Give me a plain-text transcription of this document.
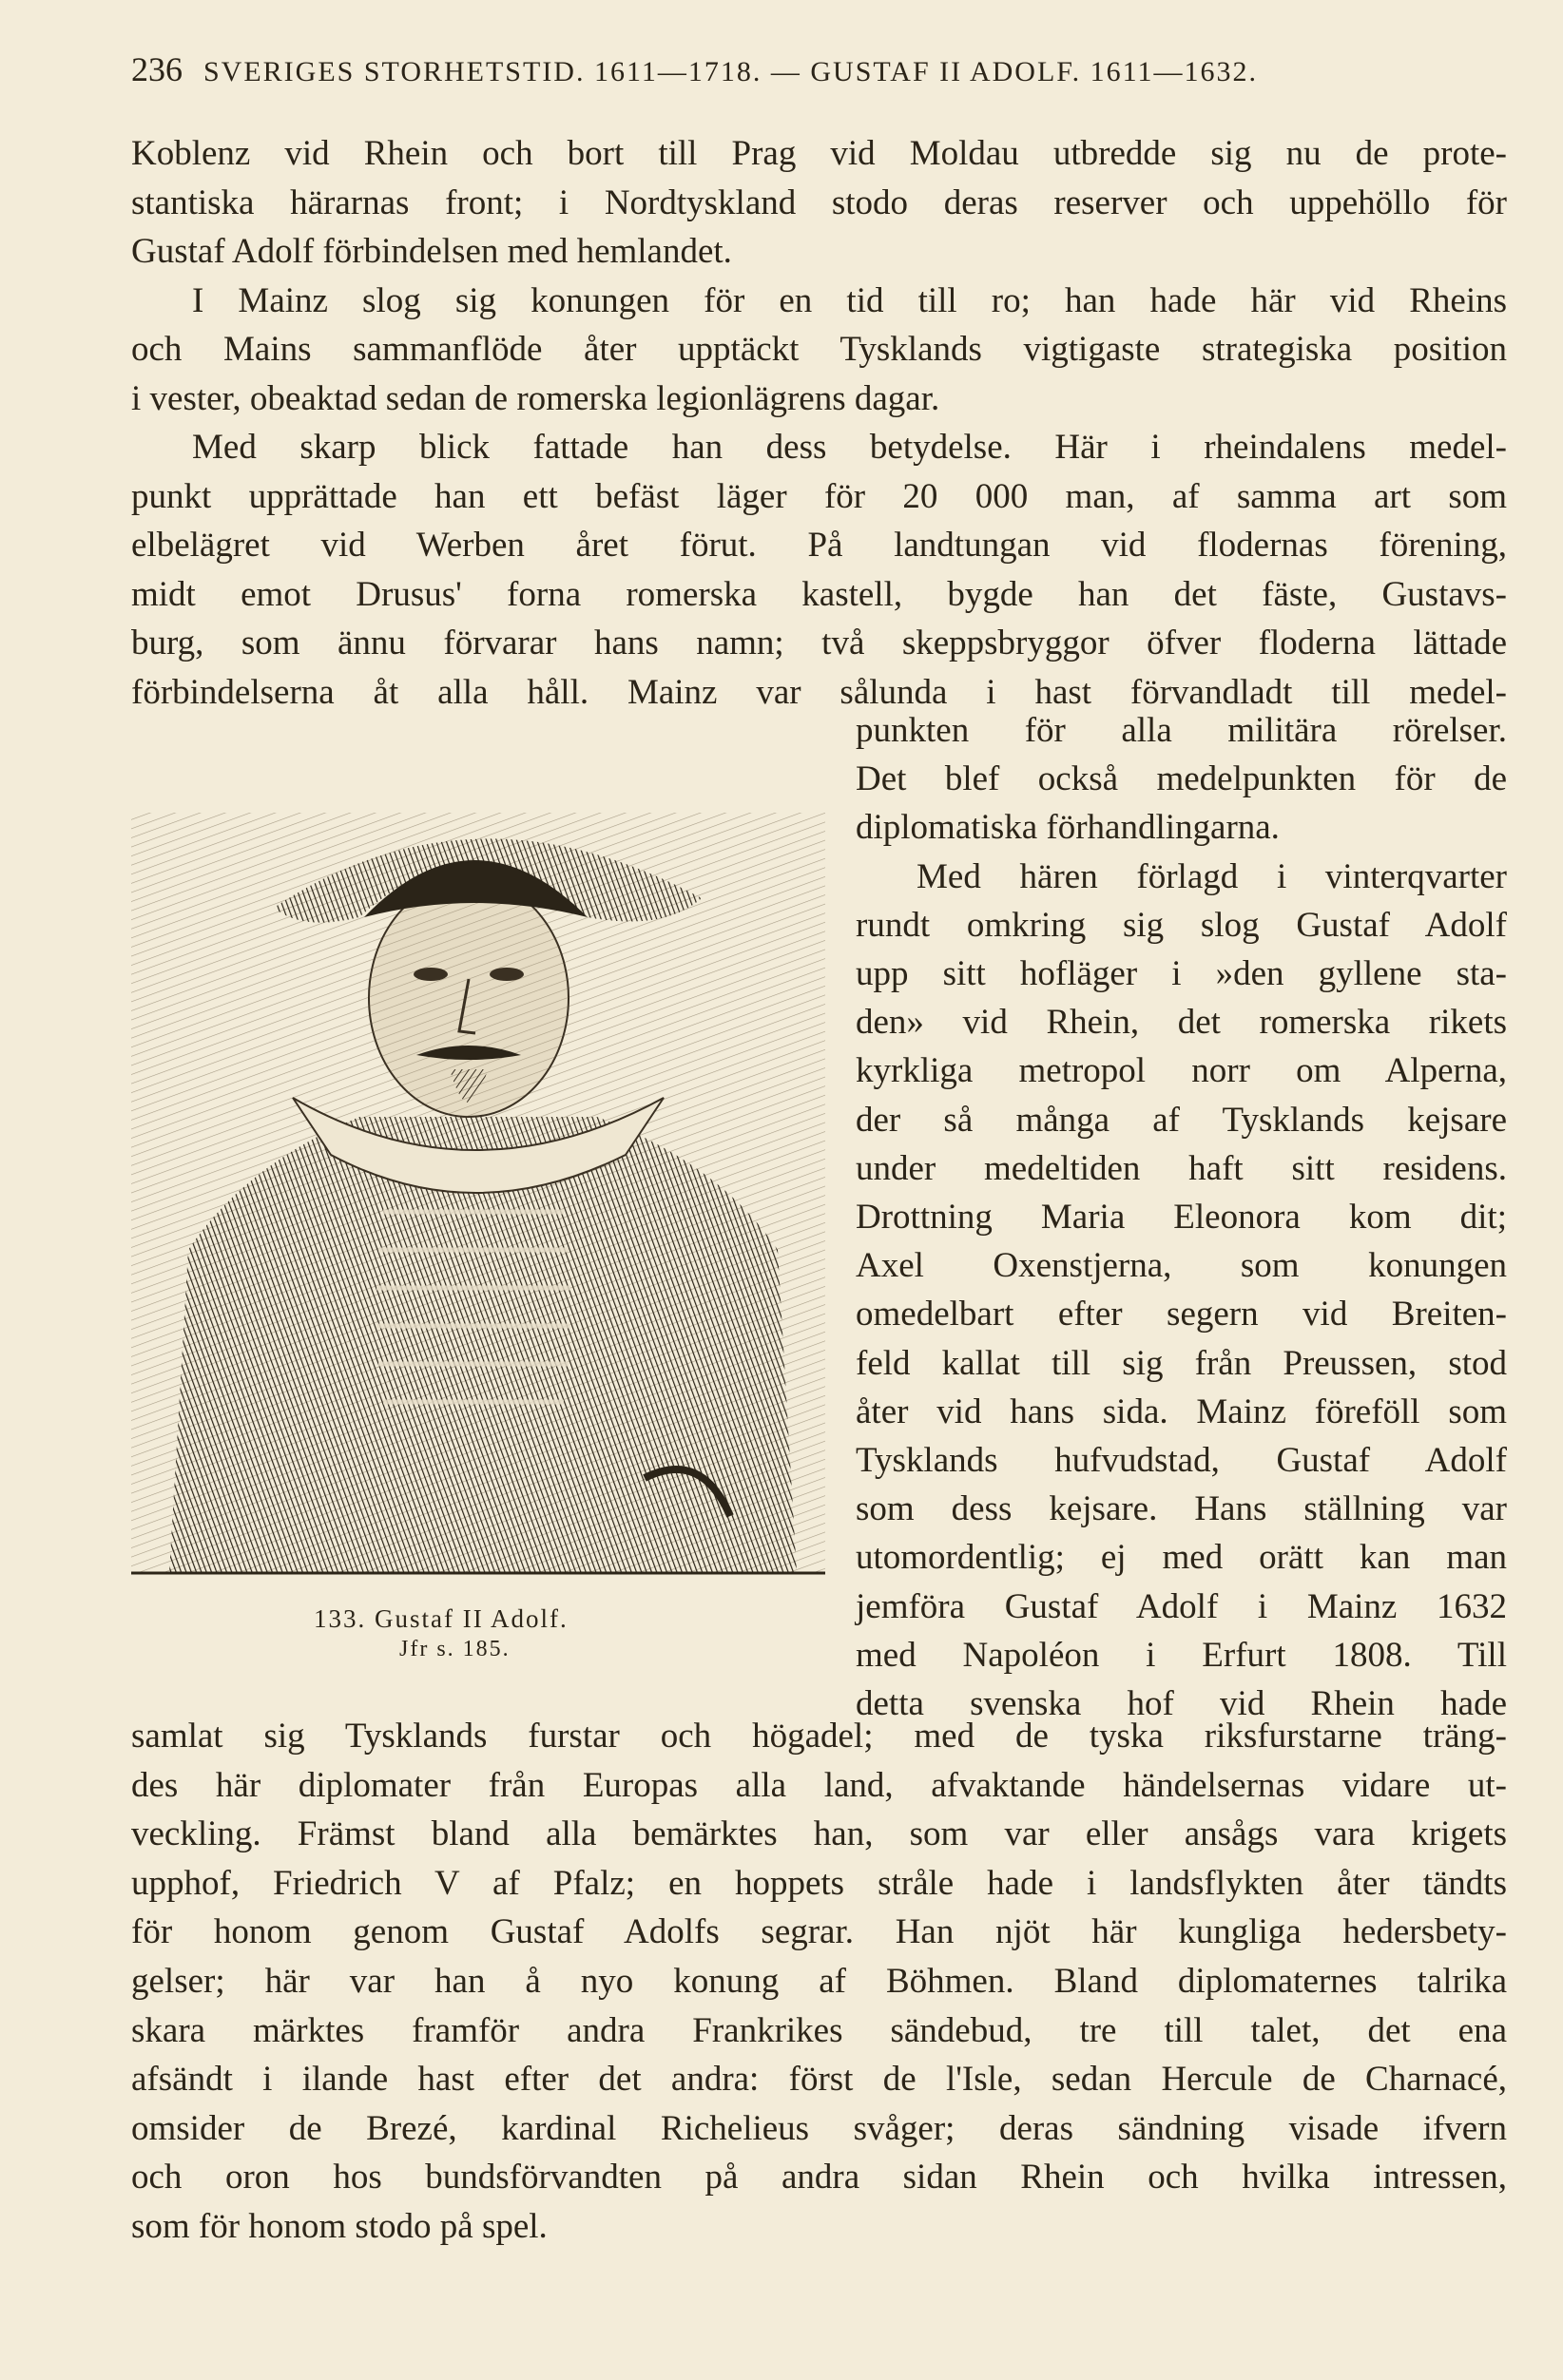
236 SVERIGES STORHETSTID. 1611—1718. — GUSTAF II ADOLF. 1611—1632.
Koblenz vid Rhein och bort till Prag vid Moldau utbredde sig nu de prote-
stantiska härarnas front; i Nordtyskland stodo deras reserver och uppehöllo för
Gustaf Adolf förbindelsen med hemlandet.
I Mainz slog sig konungen för en tid till ro; han hade här vid Rheins
och Mains sammanflöde åter upptäckt Tysklands vigtigaste strategiska position
i vester, obeaktad sedan de romerska legionlägrens dagar.
Med skarp blick fattade han dess betydelse. Här i rheindalens medel-
punkt upprättade han ett befäst läger för 20 000 man, af samma art som
elbelägret vid Werben året förut. På landtungan vid flodernas förening,
midt emot Drusus' forna romerska kastell, bygde han det fäste, Gustavs-
burg, som ännu förvarar hans namn; två skeppsbryggor öfver floderna lättade
förbindelserna åt alla håll. Mainz var sålunda i hast förvandladt till medel-
punkten för alla militära rörelser.
Det blef också medelpunkten för de
diplomatiska förhandlingarna.
Med hären förlagd i vinterqvarter
rundt omkring sig slog Gustaf Adolf
upp sitt hofläger i »den gyllene sta-
den» vid Rhein, det romerska rikets
kyrkliga metropol norr om Alperna,
der så många af Tysklands kejsare
under medeltiden haft sitt residens.
Drottning Maria Eleonora kom dit;
Axel Oxenstjerna, som konungen
omedelbart efter segern vid Breiten-
feld kallat till sig från Preussen, stod
åter vid hans sida. Mainz föreföll som
Tysklands hufvudstad, Gustaf Adolf
som dess kejsare. Hans ställning var
utomordentlig; ej med orätt kan man
jemföra Gustaf Adolf i Mainz 1632
med Napoléon i Erfurt 1808. Till
detta svenska hof vid Rhein hade
samlat sig Tysklands furstar och högadel; med de tyska riksfurstarne träng-
des här diplomater från Europas alla land, afvaktande händelsernas vidare ut-
veckling. Främst bland alla bemärktes han, som var eller ansågs vara krigets
upphof, Friedrich V af Pfalz; en hoppets stråle hade i landsflykten åter tändts
för honom genom Gustaf Adolfs segrar. Han njöt här kungliga hedersbety-
gelser; här var han å nyo konung af Böhmen. Bland diplomaternes talrika
skara märktes framför andra Frankrikes sändebud, tre till talet, det ena
afsändt i ilande hast efter det andra: först de l'Isle, sedan Hercule de Charnacé,
omsider de Brezé, kardinal Richelieus svåger; deras sändning visade ifvern
och oron hos bundsförvandten på andra sidan Rhein och hvilka intressen,
som för honom stodo på spel.
133. Gustaf II Adolf.
Jfr s. 185.
